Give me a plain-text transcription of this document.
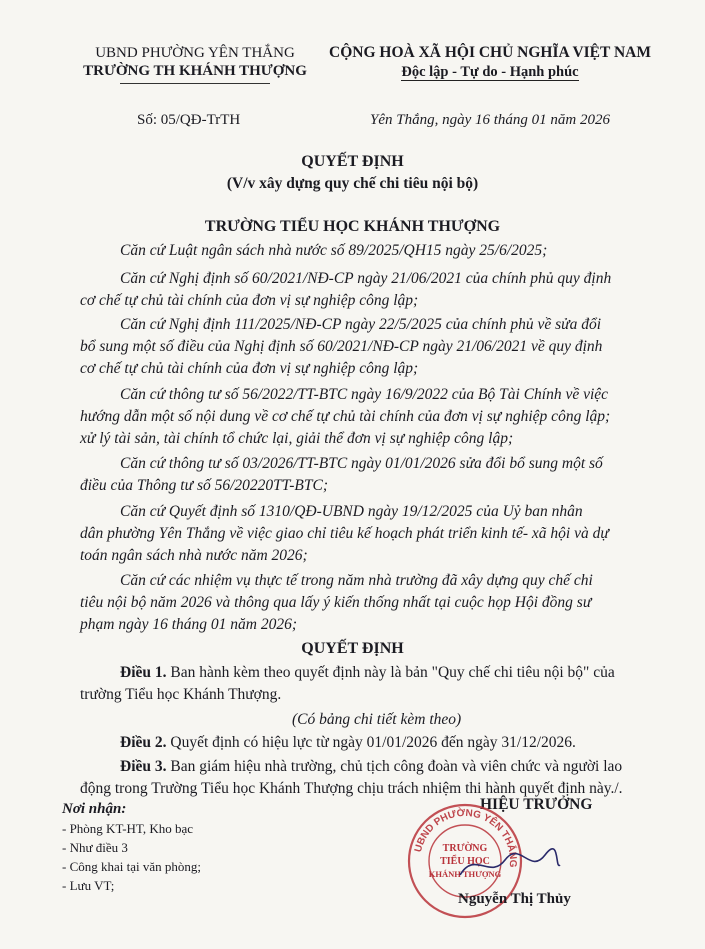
UBND PHƯỜNG YÊN THẮNG
TRƯỜNG TH KHÁNH THƯỢNG
CỘNG HOÀ XÃ HỘI CHỦ NGHĨA VIỆT NAM
Độc lập - Tự do - Hạnh phúc
Số: 05/QĐ-TrTH	Yên Thắng, ngày 16 tháng 01 năm 2026
QUYẾT ĐỊNH
(V/v xây dựng quy chế chi tiêu nội bộ)
TRƯỜNG TIỂU HỌC KHÁNH THƯỢNG
Căn cứ Luật ngân sách nhà nước số 89/2025/QH15 ngày 25/6/2025;
Căn cứ Nghị định số 60/2021/NĐ-CP ngày 21/06/2021 của chính phủ quy định
cơ chế tự chủ tài chính của đơn vị sự nghiệp công lập;
Căn cứ Nghị định 111/2025/NĐ-CP ngày 22/5/2025 của chính phủ về sửa đổi
bổ sung một số điều của Nghị định số 60/2021/NĐ-CP ngày 21/06/2021 về quy định
cơ chế tự chủ tài chính của đơn vị sự nghiệp công lập;
Căn cứ thông tư số 56/2022/TT-BTC ngày 16/9/2022 của Bộ Tài Chính về việc
hướng dẫn một số nội dung về cơ chế tự chủ tài chính của đơn vị sự nghiệp công lập;
xử lý tài sản, tài chính tổ chức lại, giải thể đơn vị sự nghiệp công lập;
Căn cứ thông tư số 03/2026/TT-BTC ngày 01/01/2026 sửa đổi bổ sung một số
điều của Thông tư số 56/20220TT-BTC;
Căn cứ Quyết định số 1310/QĐ-UBND ngày 19/12/2025 của Uỷ ban nhân
dân phường Yên Thắng về việc giao chỉ tiêu kế hoạch phát triển kinh tế- xã hội và dự
toán ngân sách nhà nước năm 2026;
Căn cứ các nhiệm vụ thực tế trong năm nhà trường đã xây dựng quy chế chi
tiêu nội bộ năm 2026 và thông qua lấy ý kiến thống nhất tại cuộc họp Hội đồng sư
phạm ngày 16 tháng 01 năm 2026;
QUYẾT ĐỊNH
Điều 1. Ban hành kèm theo quyết định này là bản "Quy chế chi tiêu nội bộ" của
trường Tiểu học Khánh Thượng.
(Có bảng chi tiết kèm theo)
Điều 2. Quyết định có hiệu lực từ ngày 01/01/2026 đến ngày 31/12/2026.
Điều 3. Ban giám hiệu nhà trường, chủ tịch công đoàn và viên chức và người lao
động trong Trường Tiểu học Khánh Thượng chịu trách nhiệm thi hành quyết định này./.
Nơi nhận:
- Phòng KT-HT, Kho bạc
- Như điều 3
- Công khai tại văn phòng;
- Lưu VT;
HIỆU TRƯỞNG
UBND PHƯỜNG YÊN THẮNG
TRƯỜNG
TIỂU HỌC
KHÁNH THƯỢNG
Nguyễn Thị Thủy
